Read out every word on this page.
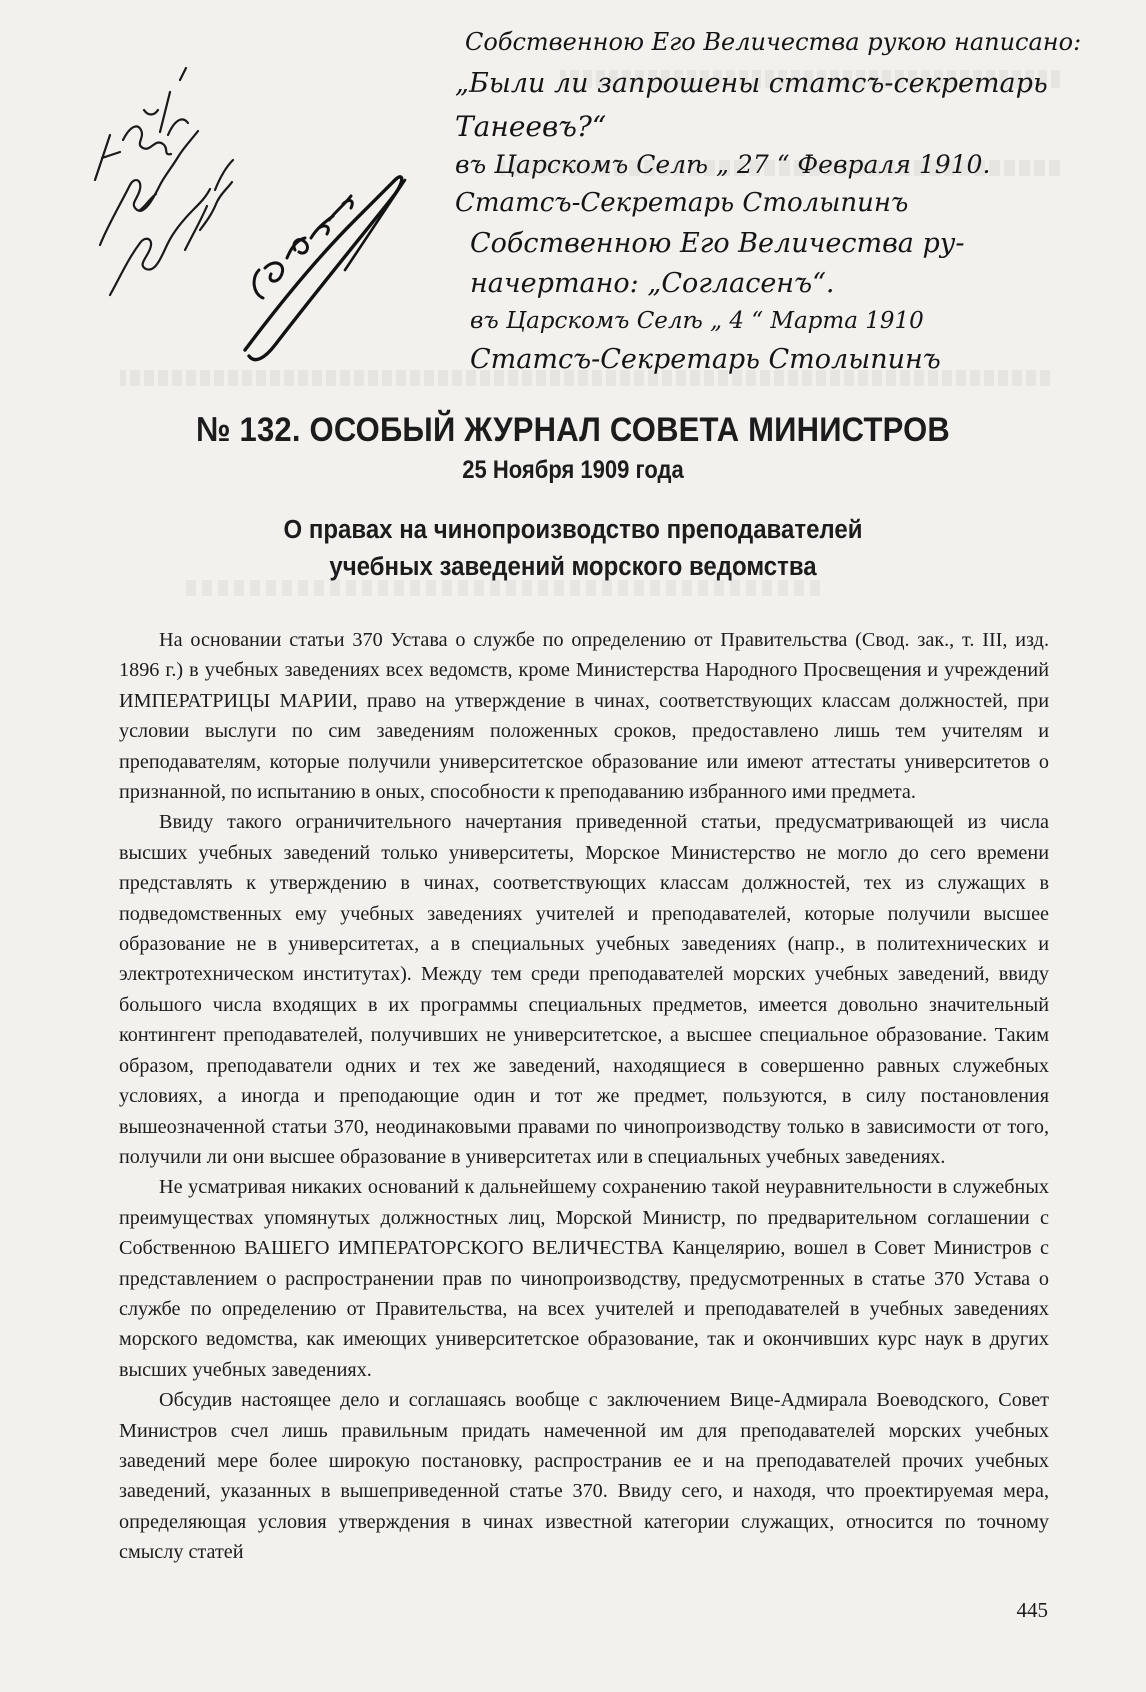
Собственною Его Величества рукою написано:
„Были ли запрошены статсъ-секретарь
Танеевъ?“
въ Царскомъ Селѣ „ 27 “ Февраля 1910.
Статсъ-Секретарь Столыпинъ
Собственною Его Величества ру-
начертано: „Согласенъ“.
въ Царскомъ Селѣ „ 4 “ Марта 1910
Статсъ-Секретарь Столыпинъ
№ 132. ОСОБЫЙ ЖУРНАЛ СОВЕТА МИНИСТРОВ
25 Ноября 1909 года
О правах на чинопроизводство преподавателей
учебных заведений морского ведомства

На основании статьи 370 Устава о службе по определению от Правительства (Свод. зак., т. III, изд. 1896 г.) в учебных заведениях всех ведомств, кроме Министерства Народного Просвещения и учреждений ИМПЕРАТРИЦЫ МАРИИ, право на утверждение в чинах, соответствующих классам должностей, при условии выслуги по сим заведениям положенных сроков, предоставлено лишь тем учителям и преподавателям, которые получили университетское образование или имеют аттестаты университетов о признанной, по испытанию в оных, способности к преподаванию избранного ими предмета.

Ввиду такого ограничительного начертания приведенной статьи, предусматривающей из числа высших учебных заведений только университеты, Морское Министерство не могло до сего времени представлять к утверждению в чинах, соответствующих классам должностей, тех из служащих в подведомственных ему учебных заведениях учителей и преподавателей, которые получили высшее образование не в университетах, а в специальных учебных заведениях (напр., в политехнических и электротехническом институтах). Между тем среди преподавателей морских учебных заведений, ввиду большого числа входящих в их программы специальных предметов, имеется довольно значительный контингент преподавателей, получивших не университетское, а высшее специальное образование. Таким образом, преподаватели одних и тех же заведений, находящиеся в совершенно равных служебных условиях, а иногда и преподающие один и тот же предмет, пользуются, в силу постановления вышеозначенной статьи 370, неодинаковыми правами по чинопроизводству только в зависимости от того, получили ли они высшее образование в университетах или в специальных учебных заведениях.

Не усматривая никаких оснований к дальнейшему сохранению такой неуравнительности в служебных преимуществах упомянутых должностных лиц, Морской Министр, по предварительном соглашении с Собственною ВАШЕГО ИМПЕРАТОРСКОГО ВЕЛИЧЕСТВА Канцелярию, вошел в Совет Министров с представлением о распространении прав по чинопроизводству, предусмотренных в статье 370 Устава о службе по определению от Правительства, на всех учителей и преподавателей в учебных заведениях морского ведомства, как имеющих университетское образование, так и окончивших курс наук в других высших учебных заведениях.

Обсудив настоящее дело и соглашаясь вообще с заключением Вице-Адмирала Воеводского, Совет Министров счел лишь правильным придать намеченной им для преподавателей морских учебных заведений мере более широкую постановку, распространив ее и на преподавателей прочих учебных заведений, указанных в вышеприведенной статье 370. Ввиду сего, и находя, что проектируемая мера, определяющая условия утверждения в чинах известной категории служащих, относится по точному смыслу статей

445
